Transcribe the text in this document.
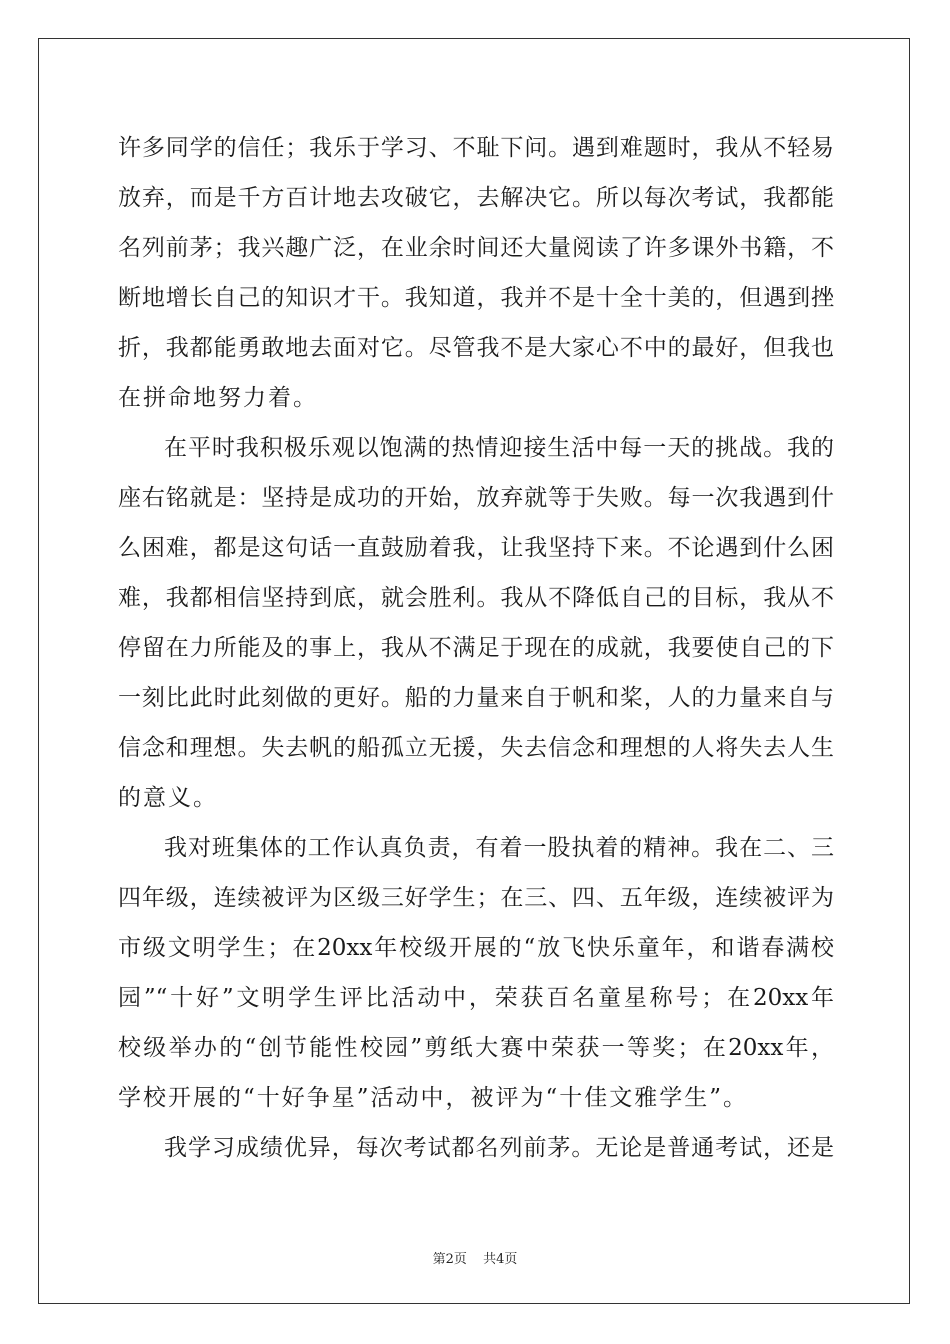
许多同学的信任；我乐于学习、不耻下问。遇到难题时，我从不轻易
放弃，而是千方百计地去攻破它，去解决它。所以每次考试，我都能
名列前茅；我兴趣广泛，在业余时间还大量阅读了许多课外书籍，不
断地增长自己的知识才干。我知道，我并不是十全十美的，但遇到挫
折，我都能勇敢地去面对它。尽管我不是大家心不中的最好，但我也
在拼命地努力着。
在平时我积极乐观以饱满的热情迎接生活中每一天的挑战。我的
座右铭就是：坚持是成功的开始，放弃就等于失败。每一次我遇到什
么困难，都是这句话一直鼓励着我，让我坚持下来。不论遇到什么困
难，我都相信坚持到底，就会胜利。我从不降低自己的目标，我从不
停留在力所能及的事上，我从不满足于现在的成就，我要使自己的下
一刻比此时此刻做的更好。船的力量来自于帆和桨，人的力量来自与
信念和理想。失去帆的船孤立无援，失去信念和理想的人将失去人生
的意义。
我对班集体的工作认真负责，有着一股执着的精神。我在二、三
四年级，连续被评为区级三好学生；在三、四、五年级，连续被评为
市级文明学生；在20xx年校级开展的“放飞快乐童年，和谐春满校
园”“十好”文明学生评比活动中，荣获百名童星称号；在20xx年
校级举办的“创节能性校园”剪纸大赛中荣获一等奖；在20xx年，
学校开展的“十好争星”活动中，被评为“十佳文雅学生”。
我学习成绩优异，每次考试都名列前茅。无论是普通考试，还是
第2页 共4页
